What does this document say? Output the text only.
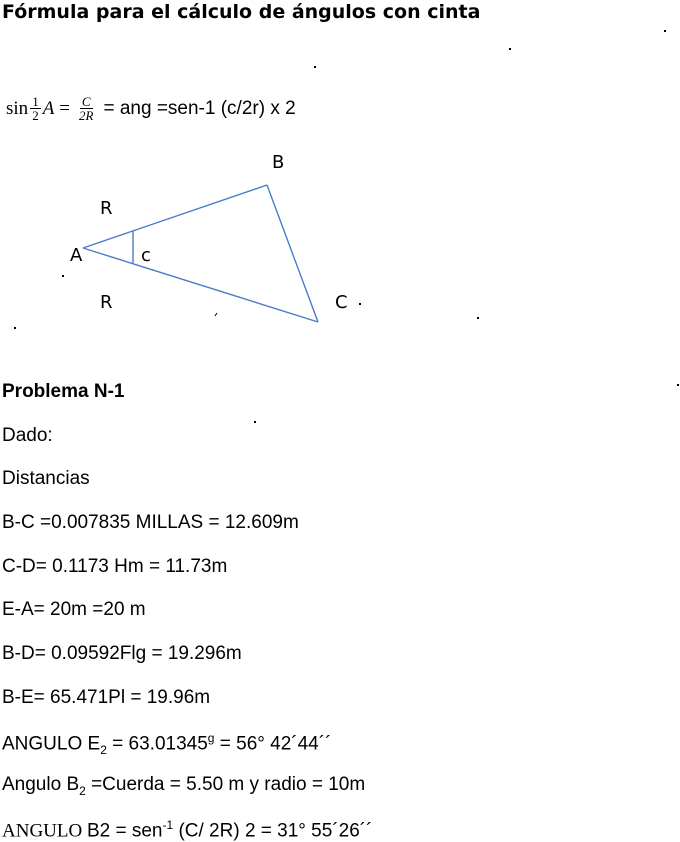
Fórmula para el cálculo de ángulos con cinta
$\sin \frac{1}{2}$ $A = \frac{C}{2R}$ = ang =sen-1 (c/2r) x 2
B
R
A	c
R	C
Problema N-1
Dado:
Distancias
B-C =0.007835 MILLAS = 12.609m
C-D= 0.1173 Hm = 11.73m
E-A= 20m =20 m
B-D= 0.09592Flg = 19.296m
B-E= 65.471Pl = 19.96m
ANGULO $E_2 = 63.01345^g = 56^\circ$ 42´44´´
Angulo $B_2$ =Cuerda = 5.50 m y radio = 10m
ANGULO B2 = sen$^{-1}$ (C/ 2R) 2 = 31° 55´26´´
